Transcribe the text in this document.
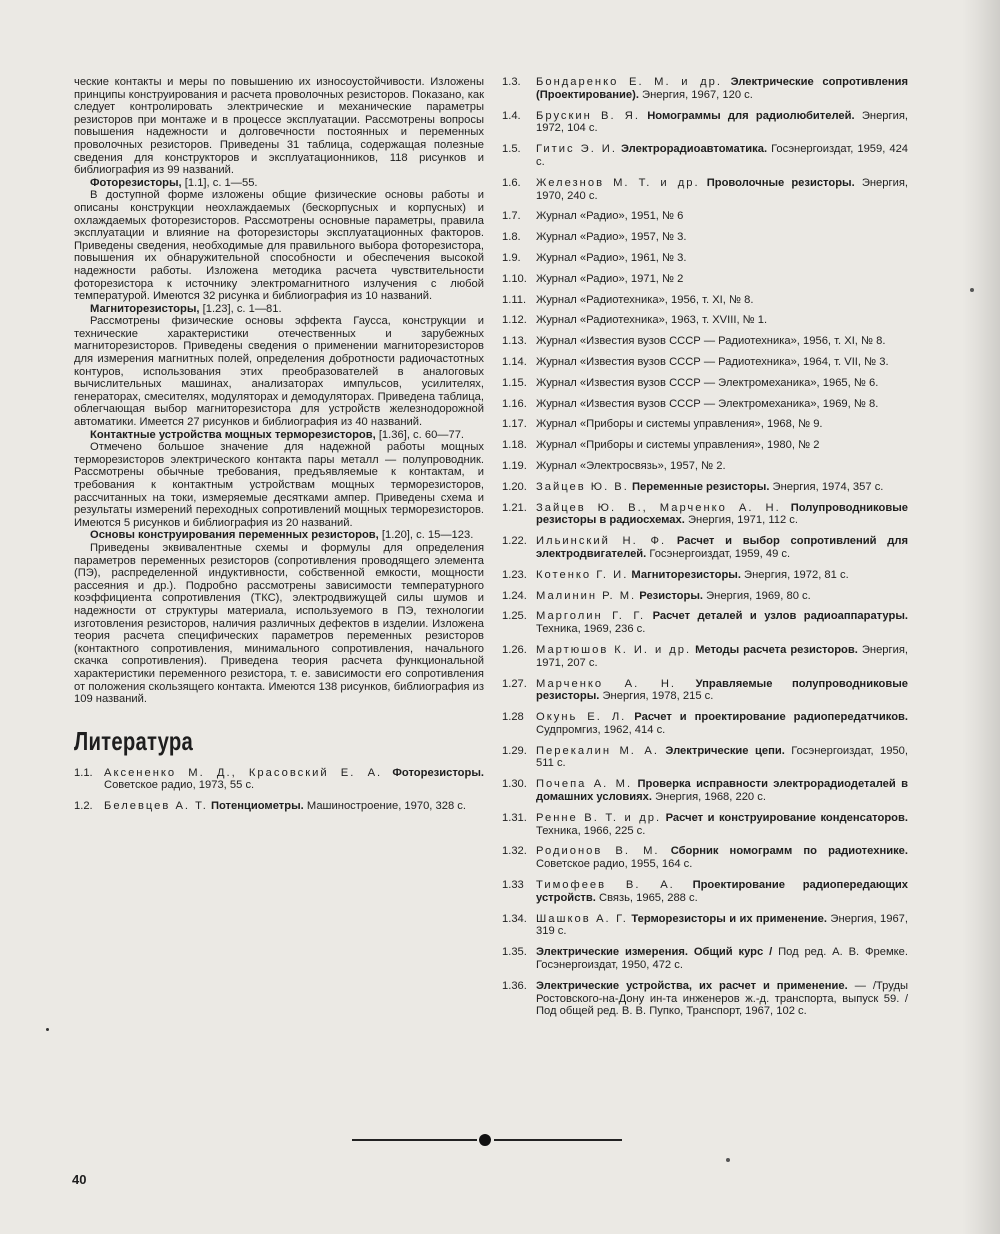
ческие контакты и меры по повышению их износоустойчивости. Изложены принципы конструирования и расчета проволочных резисторов. Показано, как следует контролировать электрические и механические параметры резисторов при монтаже и в процессе эксплуатации. Рассмотрены вопросы повышения надежности и долговечности постоянных и переменных проволочных резисторов. Приведены 31 таблица, содержащая полезные сведения для конструкторов и эксплуатационников, 118 рисунков и библиография из 99 названий.

Фоторезисторы, [1.1], с. 1—55.

В доступной форме изложены общие физические основы работы и описаны конструкции неохлаждаемых (бескорпусных и корпусных) и охлаждаемых фоторезисторов. Рассмотрены основные параметры, правила эксплуатации и влияние на фоторезисторы эксплуатационных факторов. Приведены сведения, необходимые для правильного выбора фоторезистора, повышения их обнаружительной способности и обеспечения высокой надежности работы. Изложена методика расчета чувствительности фоторезистора к источнику электромагнитного излучения с любой температурой. Имеются 32 рисунка и библиография из 10 названий.

Магниторезисторы, [1.23], с. 1—81.

Рассмотрены физические основы эффекта Гаусса, конструкции и технические характеристики отечественных и зарубежных магниторезисторов. Приведены сведения о применении магниторезисторов для измерения магнитных полей, определения добротности радиочастотных контуров, использования этих преобразователей в аналоговых вычислительных машинах, анализаторах импульсов, усилителях, генераторах, смесителях, модуляторах и демодуляторах. Приведена таблица, облегчающая выбор магниторезистора для устройств железнодорожной автоматики. Имеется 27 рисунков и библиография из 40 названий.

Контактные устройства мощных терморезисторов, [1.36], с. 60—77.

Отмечено большое значение для надежной работы мощных терморезисторов электрического контакта пары металл — полупроводник. Рассмотрены обычные требования, предъявляемые к контактам, и требования к контактным устройствам мощных терморезисторов, рассчитанных на токи, измеряемые десятками ампер. Приведены схема и результаты измерений переходных сопротивлений мощных терморезисторов. Имеются 5 рисунков и библиография из 20 названий.

Основы конструирования переменных резисторов, [1.20], с. 15—123.

Приведены эквивалентные схемы и формулы для определения параметров переменных резисторов (сопротивления проводящего элемента (ПЭ), распределенной индуктивности, собственной емкости, мощности рассеяния и др.). Подробно рассмотрены зависимости температурного коэффициента сопротивления (ТКС), электродвижущей силы шумов и надежности от структуры материала, используемого в ПЭ, технологии изготовления резисторов, наличия различных дефектов в изделии. Изложена теория расчета специфических параметров переменных резисторов (контактного сопротивления, минимального сопротивления, начального скачка сопротивления). Приведена теория расчета функциональной характеристики переменного резистора, т. е. зависимости его сопротивления от положения скользящего контакта. Имеются 138 рисунков, библиография из 109 названий.

Литература
1.1.	Аксененко М. Д., Красовский Е. А. Фоторезисторы. Советское радио, 1973, 55 с.
1.2.	Белевцев А. Т. Потенциометры. Машиностроение, 1970, 328 с.
1.3.	Бондаренко Е. М. и др. Электрические сопротивления (Проектирование). Энергия, 1967, 120 с.
1.4.	Брускин В. Я. Номограммы для радиолюбителей. Энергия, 1972, 104 с.
1.5.	Гитис Э. И. Электрорадиоавтоматика. Госэнергоиздат, 1959, 424 с.
1.6.	Железнов М. Т. и др. Проволочные резисторы. Энергия, 1970, 240 с.
1.7.	Журнал «Радио», 1951, № 6
1.8.	Журнал «Радио», 1957, № 3.
1.9.	Журнал «Радио», 1961, № 3.
1.10. Журнал «Радио», 1971, № 2
1.11. Журнал «Радиотехника», 1956, т. XI, № 8.
1.12. Журнал «Радиотехника», 1963, т. XVIII, № 1.
1.13. Журнал «Известия вузов СССР — Радиотехника», 1956, т. XI, № 8.
1.14. Журнал «Известия вузов СССР — Радиотехника», 1964, т. VII, № 3.
1.15. Журнал «Известия вузов СССР — Электромеханика», 1965, № 6.
1.16. Журнал «Известия вузов СССР — Электромеханика», 1969, № 8.
1.17. Журнал «Приборы и системы управления», 1968, № 9.
1.18. Журнал «Приборы и системы управления», 1980, № 2
1.19. Журнал «Электросвязь», 1957, № 2.
1.20. Зайцев Ю. В. Переменные резисторы. Энергия, 1974, 357 с.
1.21. Зайцев Ю. В., Марченко А. Н. Полупроводниковые резисторы в радиосхемах. Энергия, 1971, 112 с.
1.22. Ильинский Н. Ф. Расчет и выбор сопротивлений для электродвигателей. Госэнергоиздат, 1959, 49 с.
1.23. Котенко Г. И. Магниторезисторы. Энергия, 1972, 81 с.
1.24. Малинин Р. М. Резисторы. Энергия, 1969, 80 с.
1.25. Марголин Г. Г. Расчет деталей и узлов радиоаппаратуры. Техника, 1969, 236 с.
1.26. Мартюшов К. И. и др. Методы расчета резисторов. Энергия, 1971, 207 с.
1.27. Марченко А. Н. Управляемые полупроводниковые резисторы. Энергия, 1978, 215 с.
1.28	Окунь Е. Л. Расчет и проектирование радиопередатчиков. Судпромгиз, 1962, 414 с.
1.29. Перекалин М. А. Электрические цепи. Госэнергоиздат, 1950, 511 с.
1.30. Почепа А. М. Проверка исправности электрорадиодеталей в домашних условиях. Энергия, 1968, 220 с.
1.31. Ренне В. Т. и др. Расчет и конструирование конденсаторов. Техника, 1966, 225 с.
1.32. Родионов В. М. Сборник номограмм по радиотехнике. Советское радио, 1955, 164 с.
1.33	Тимофеев В. А. Проектирование радиопередающих устройств. Связь, 1965, 288 с.
1.34. Шашков А. Г. Терморезисторы и их применение. Энергия, 1967, 319 с.
1.35. Электрические измерения. Общий курс / Под ред. А. В. Фремке. Госэнергоиздат, 1950, 472 с.
1.36. Электрические устройства, их расчет и применение. — /Труды Ростовского-на-Дону ин-та инженеров ж.-д. транспорта, выпуск 59. /Под общей ред. В. В. Пупко, Транспорт, 1967, 102 с.
40
